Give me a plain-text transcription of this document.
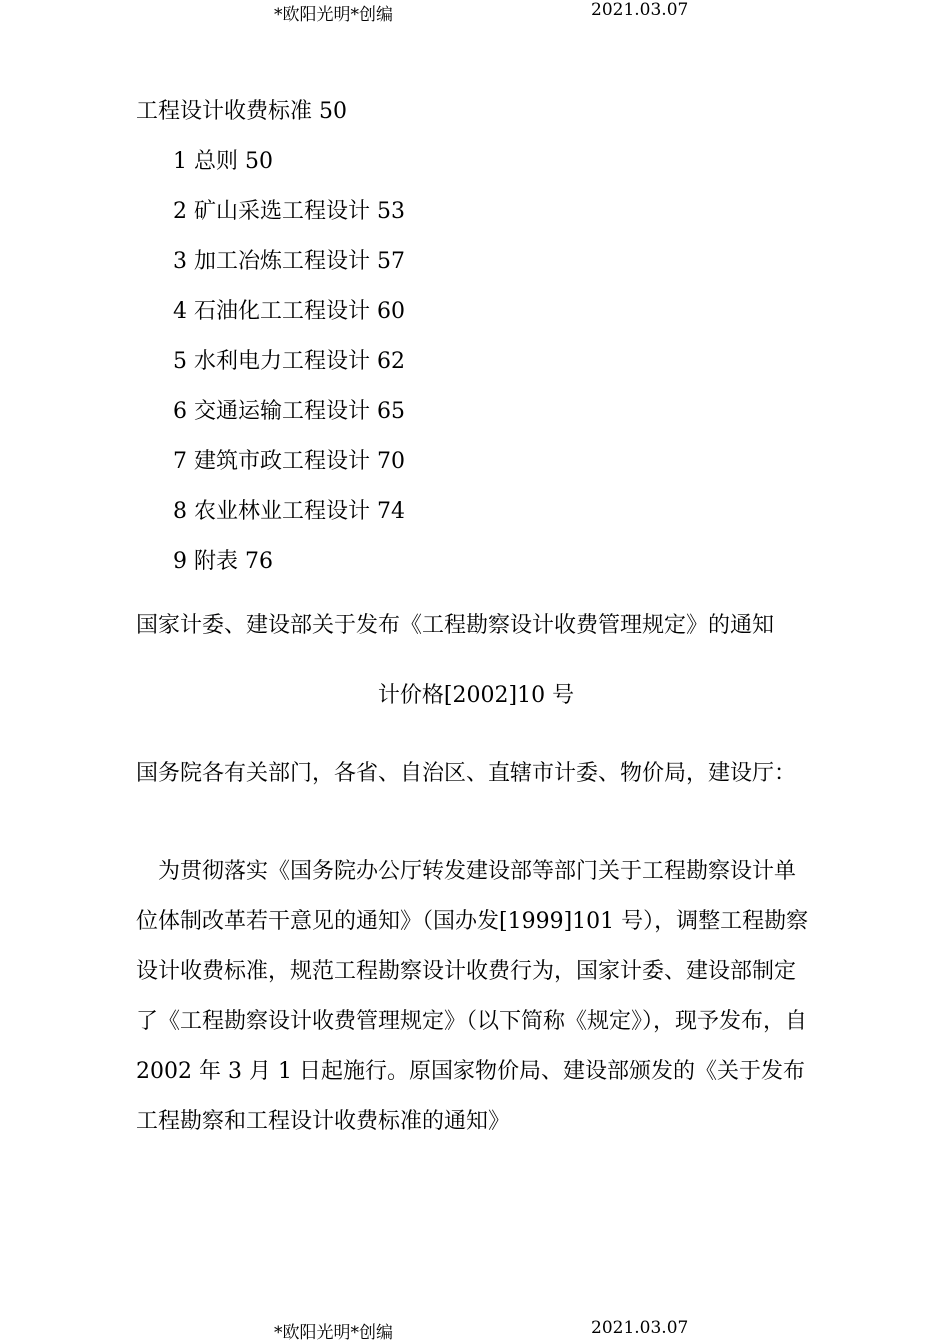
*欧阳光明*创编	2021.03.07
工程设计收费标准 50
1 总则 50
2 矿山采选工程设计 53
3 加工冶炼工程设计 57
4 石油化工工程设计 60
5 水利电力工程设计 62
6 交通运输工程设计 65
7 建筑市政工程设计 70
8 农业林业工程设计 74
9 附表 76
国家计委、建设部关于发布《工程勘察设计收费管理规定》的通知
计价格[2002]10 号

国务院各有关部门，各省、自治区、直辖市计委、物价局，建设厅：

为贯彻落实《国务院办公厅转发建设部等部门关于工程勘察设计单位体制改革若干意见的通知》（国办发[1999]101 号），调整工程勘察设计收费标准，规范工程勘察设计收费行为，国家计委、建设部制定了《工程勘察设计收费管理规定》（以下简称《规定》），现予发布，自 2002 年 3 月 1 日起施行。原国家物价局、建设部颁发的《关于发布工程勘察和工程设计收费标准的通知》

*欧阳光明*创编	2021.03.07
